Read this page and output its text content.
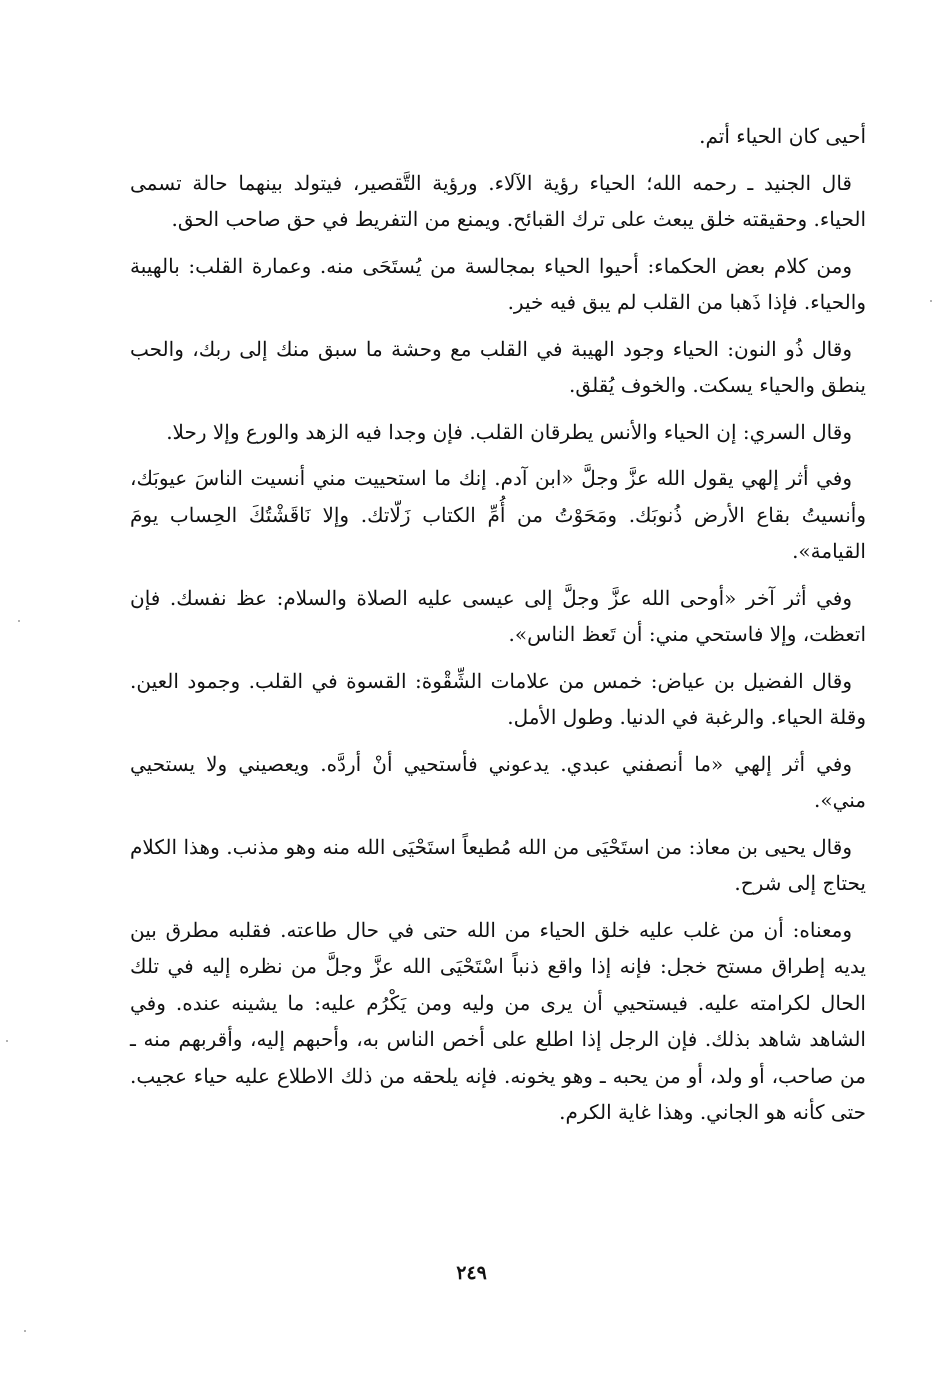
أحيى كان الحياء أتم.

قال الجنيد ـ رحمه الله؛ الحياء رؤية الآلاء. ورؤية التَّقصير، فيتولد بينهما حالة تسمى الحياء. وحقيقته خلق يبعث على ترك القبائح. ويمنع من التفريط في حق صاحب الحق.

ومن كلام بعض الحكماء: أحيوا الحياء بمجالسة من يُستَحَى منه. وعمارة القلب: بالهيبة والحياء. فإذا ذَهبا من القلب لم يبق فيه خير.

وقال ذُو النون: الحياء وجود الهيبة في القلب مع وحشة ما سبق منك إلى ربك، والحب ينطق والحياء يسكت. والخوف يُقلق.

وقال السري: إن الحياء والأنس يطرقان القلب. فإن وجدا فيه الزهد والورع وإلا رحلا.

وفي أثر إلهي يقول الله عزَّ وجلَّ «ابن آدم. إنك ما استحييت مني أنسيت الناسَ عيوبَك، وأنسيتُ بقاع الأرض ذُنوبَك. ومَحَوْتُ من أُمِّ الكتاب زَلّاتك. وإلا نَاقَشْتُكَ الحِساب يومَ القيامة».

وفي أثر آخر «أوحى الله عزَّ وجلَّ إلى عيسى عليه الصلاة والسلام: عظ نفسك. فإن اتعظت، وإلا فاستحي مني: أن تَعظ الناس».

وقال الفضيل بن عياض: خمس من علامات الشِّقْوة: القسوة في القلب. وجمود العين. وقلة الحياء. والرغبة في الدنيا. وطول الأمل.

وفي أثر إلهي «ما أنصفني عبدي. يدعوني فأستحيي أنْ أردَّه. ويعصيني ولا يستحيي مني».

وقال يحيى بن معاذ: من استَحْيَى من الله مُطيعاً استَحْيَى الله منه وهو مذنب. وهذا الكلام يحتاج إلى شرح.

ومعناه: أن من غلب عليه خلق الحياء من الله حتى في حال طاعته. فقلبه مطرق بين يديه إطراق مستح خجل: فإنه إذا واقع ذنباً اسْتَحْيَى الله عزَّ وجلَّ من نظره إليه في تلك الحال لكرامته عليه. فيستحيي أن يرى من وليه ومن يَكْرُم عليه: ما يشينه عنده. وفي الشاهد شاهد بذلك. فإن الرجل إذا اطلع على أخص الناس به، وأحبهم إليه، وأقربهم منه ـ من صاحب، أو ولد، أو من يحبه ـ وهو يخونه. فإنه يلحقه من ذلك الاطلاع عليه حياء عجيب. حتى كأنه هو الجاني. وهذا غاية الكرم.

٢٤٩
